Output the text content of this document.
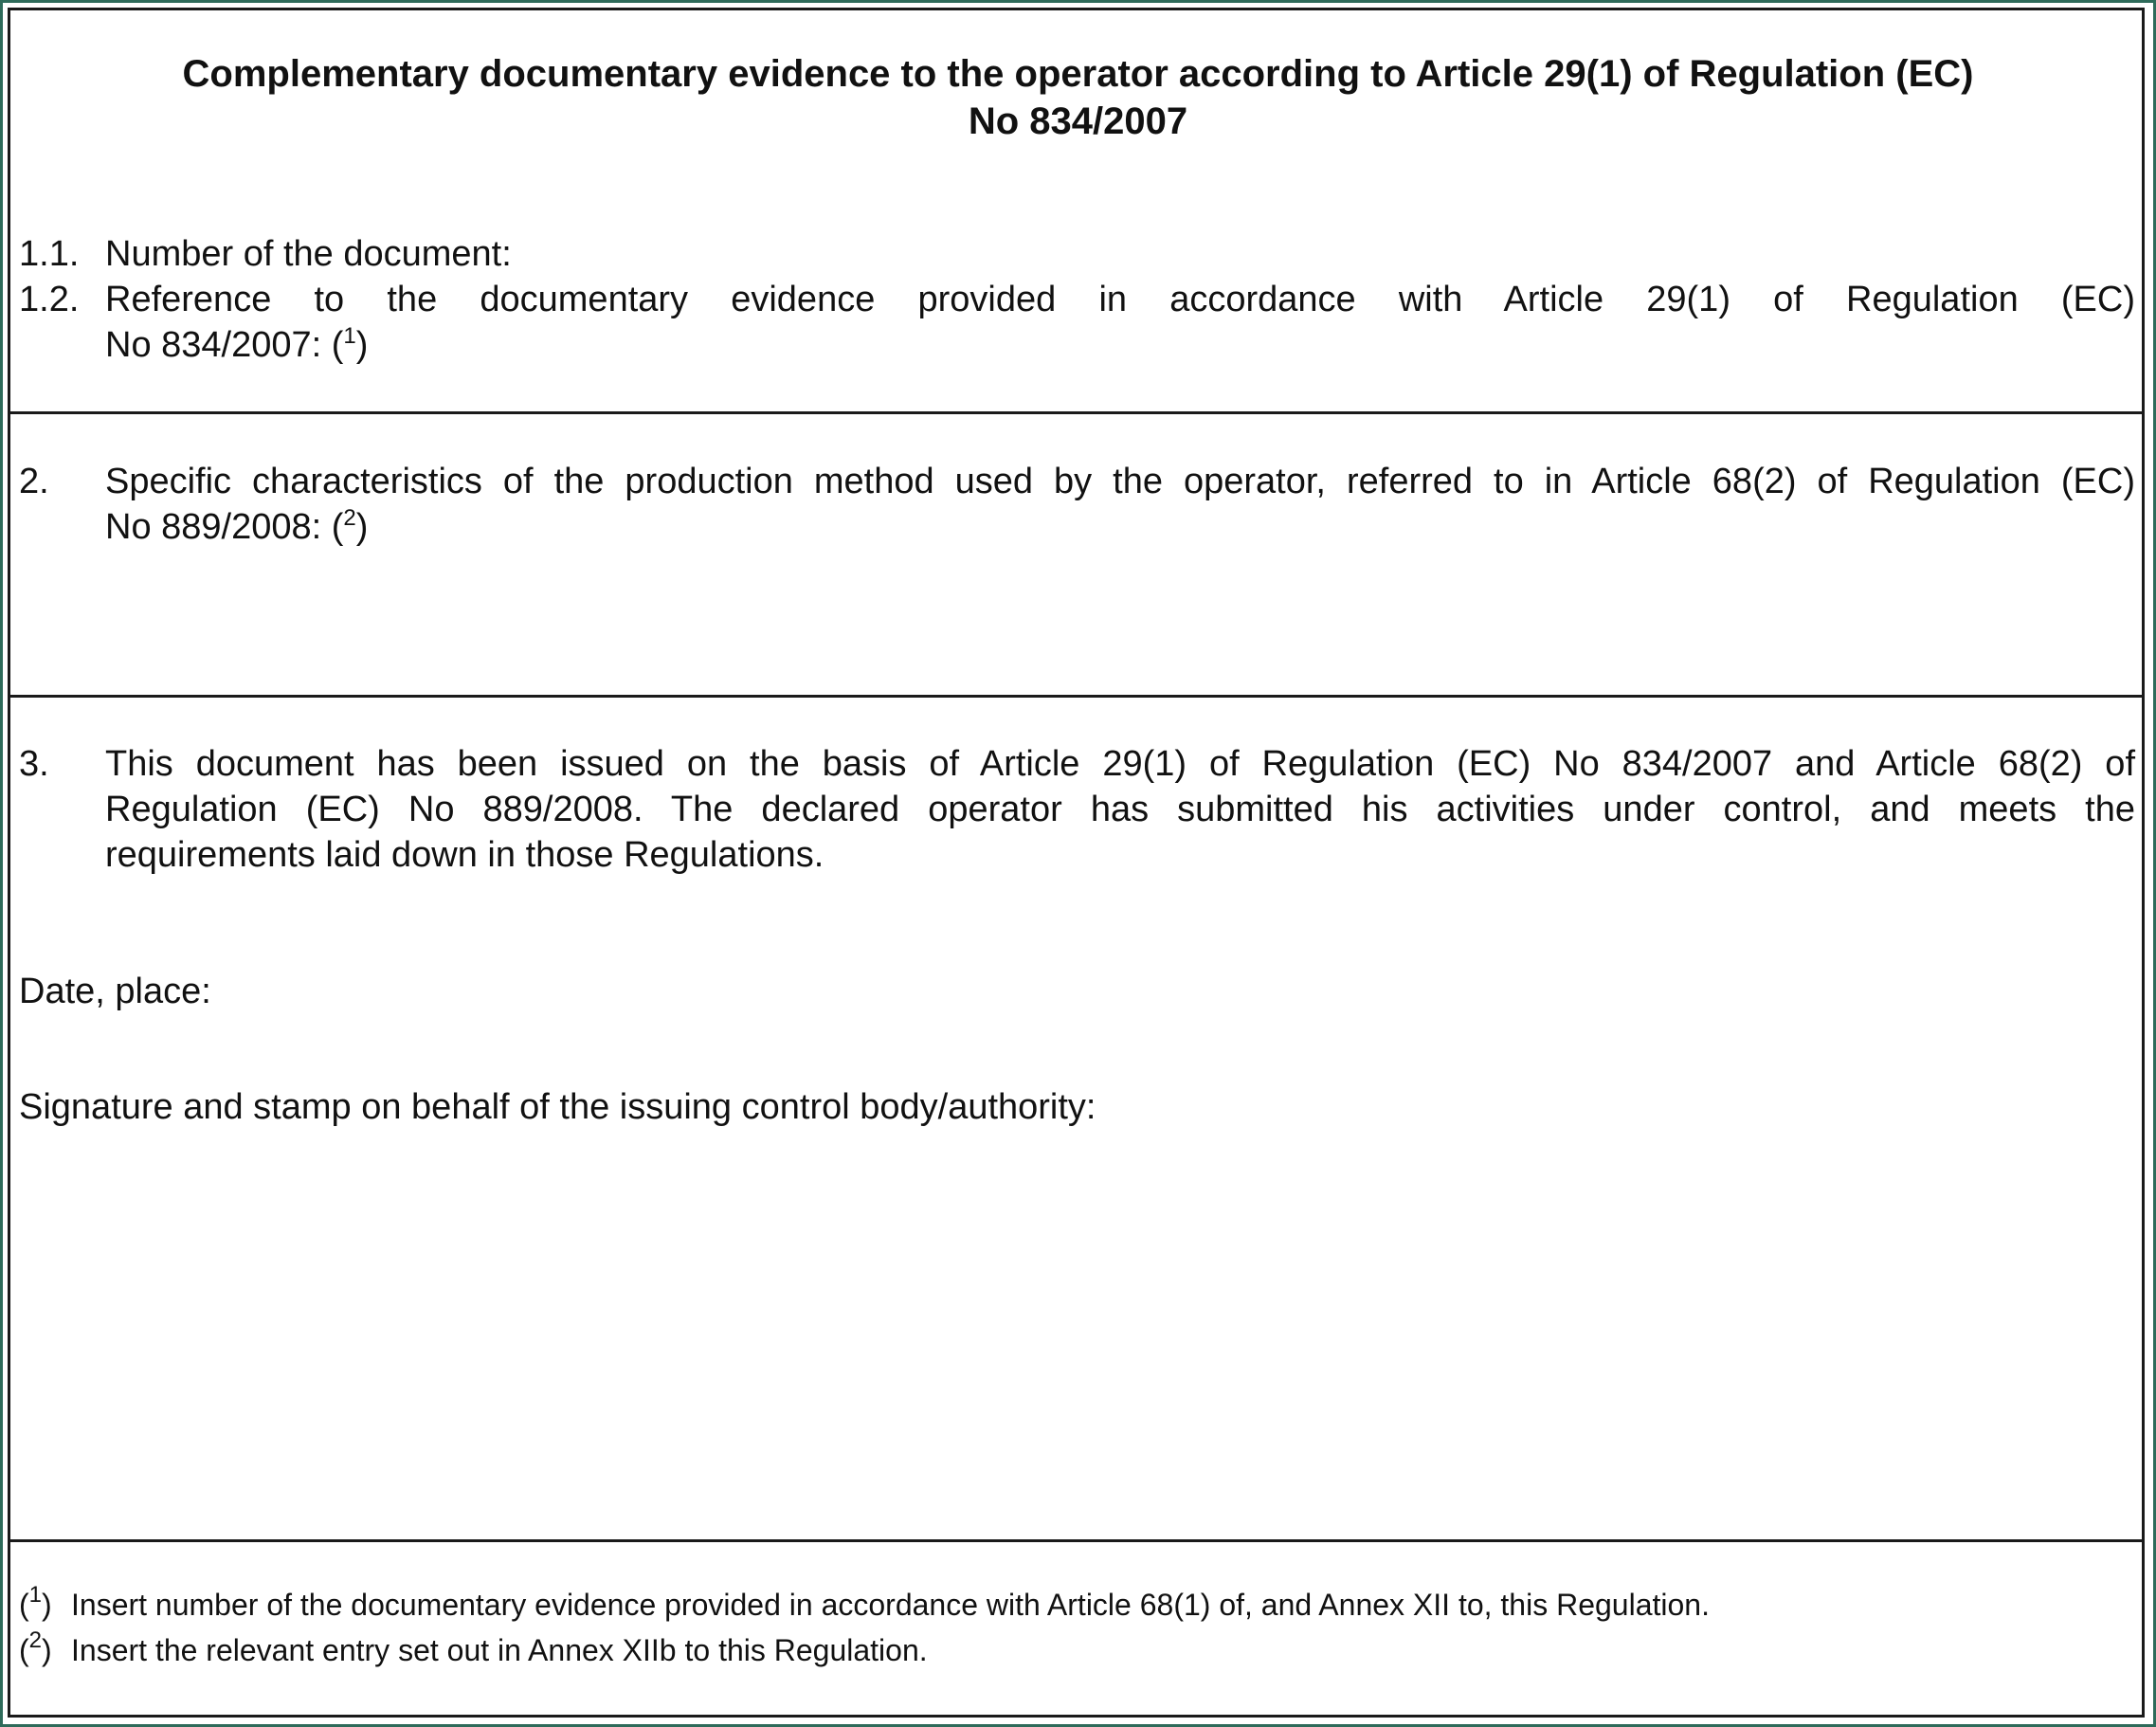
Complementary documentary evidence to the operator according to Article 29(1) of Regulation (EC)
No 834/2007
1.1. Number of the document:
1.2. Reference to the documentary evidence provided in accordance with Article 29(1) of Regulation (EC)
No 834/2007: ($^1$)
2. Specific characteristics of the production method used by the operator, referred to in Article 68(2) of Regulation (EC)
No 889/2008: ($^2$)
3. This document has been issued on the basis of Article 29(1) of Regulation (EC) No 834/2007 and Article 68(2) of
Regulation (EC) No 889/2008. The declared operator has submitted his activities under control, and meets the
requirements laid down in those Regulations.
Date, place:
Signature and stamp on behalf of the issuing control body/authority:
($^1$) Insert number of the documentary evidence provided in accordance with Article 68(1) of, and Annex XII to, this Regulation.
($^2$) Insert the relevant entry set out in Annex XIIb to this Regulation.
